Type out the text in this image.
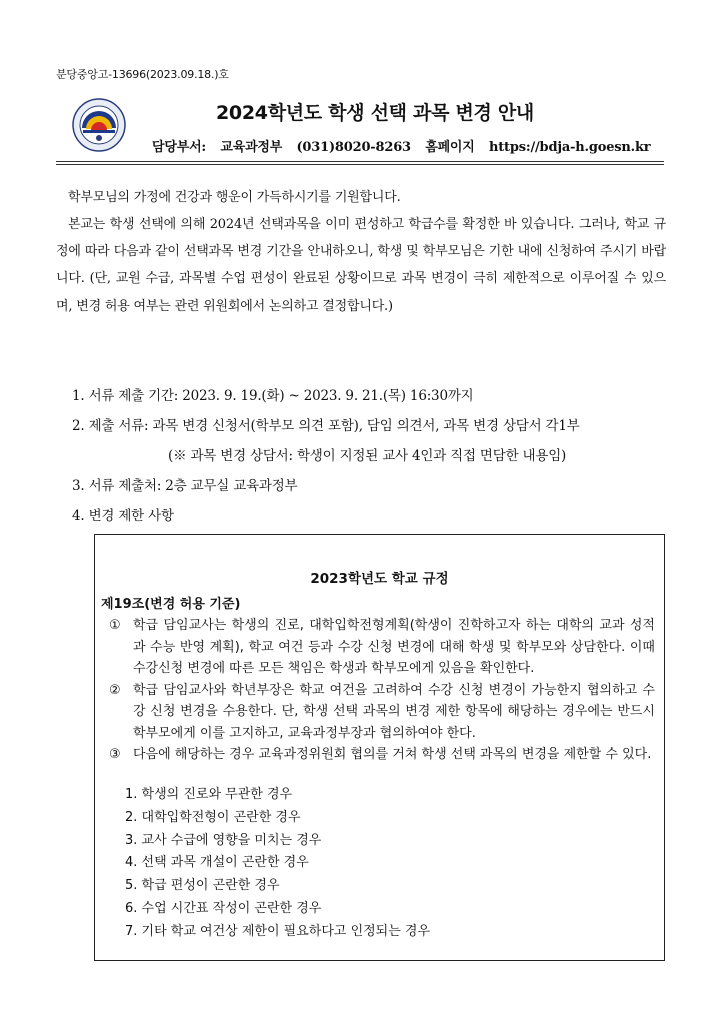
분당중앙고-13696(2023.09.18.)호
2024학년도 학생 선택 과목 변경 안내
담당부서: 교육과정부 (031)8020-8263 홈페이지 https://bdja-h.goesn.kr
학부모님의 가정에 건강과 행운이 가득하시기를 기원합니다.
본교는 학생 선택에 의해 2024년 선택과목을 이미 편성하고 학급수를 확정한 바 있습니다. 그러나, 학교 규정에 따라 다음과 같이 선택과목 변경 기간을 안내하오니, 학생 및 학부모님은 기한 내에 신청하여 주시기 바랍니다. (단, 교원 수급, 과목별 수업 편성이 완료된 상황이므로 과목 변경이 극히 제한적으로 이루어질 수 있으며, 변경 허용 여부는 관련 위원회에서 논의하고 결정합니다.)
1. 서류 제출 기간: 2023. 9. 19.(화) ~ 2023. 9. 21.(목) 16:30까지
2. 제출 서류: 과목 변경 신청서(학부모 의견 포함), 담임 의견서, 과목 변경 상담서 각1부
(※ 과목 변경 상담서: 학생이 지정된 교사 4인과 직접 면담한 내용임)
3. 서류 제출처: 2층 교무실 교육과정부
4. 변경 제한 사항
2023학년도 학교 규정
제19조(변경 허용 기준)
① 학급 담임교사는 학생의 진로, 대학입학전형계획(학생이 진학하고자 하는 대학의 교과 성적과 수능 반영 계획), 학교 여건 등과 수강 신청 변경에 대해 학생 및 학부모와 상담한다. 이때 수강신청 변경에 따른 모든 책임은 학생과 학부모에게 있음을 확인한다.
② 학급 담임교사와 학년부장은 학교 여건을 고려하여 수강 신청 변경이 가능한지 협의하고 수강 신청 변경을 수용한다. 단, 학생 선택 과목의 변경 제한 항목에 해당하는 경우에는 반드시 학부모에게 이를 고지하고, 교육과정부장과 협의하여야 한다.
③ 다음에 해당하는 경우 교육과정위원회 협의를 거쳐 학생 선택 과목의 변경을 제한할 수 있다.
1. 학생의 진로와 무관한 경우
2. 대학입학전형이 곤란한 경우
3. 교사 수급에 영향을 미치는 경우
4. 선택 과목 개설이 곤란한 경우
5. 학급 편성이 곤란한 경우
6. 수업 시간표 작성이 곤란한 경우
7. 기타 학교 여건상 제한이 필요하다고 인정되는 경우
